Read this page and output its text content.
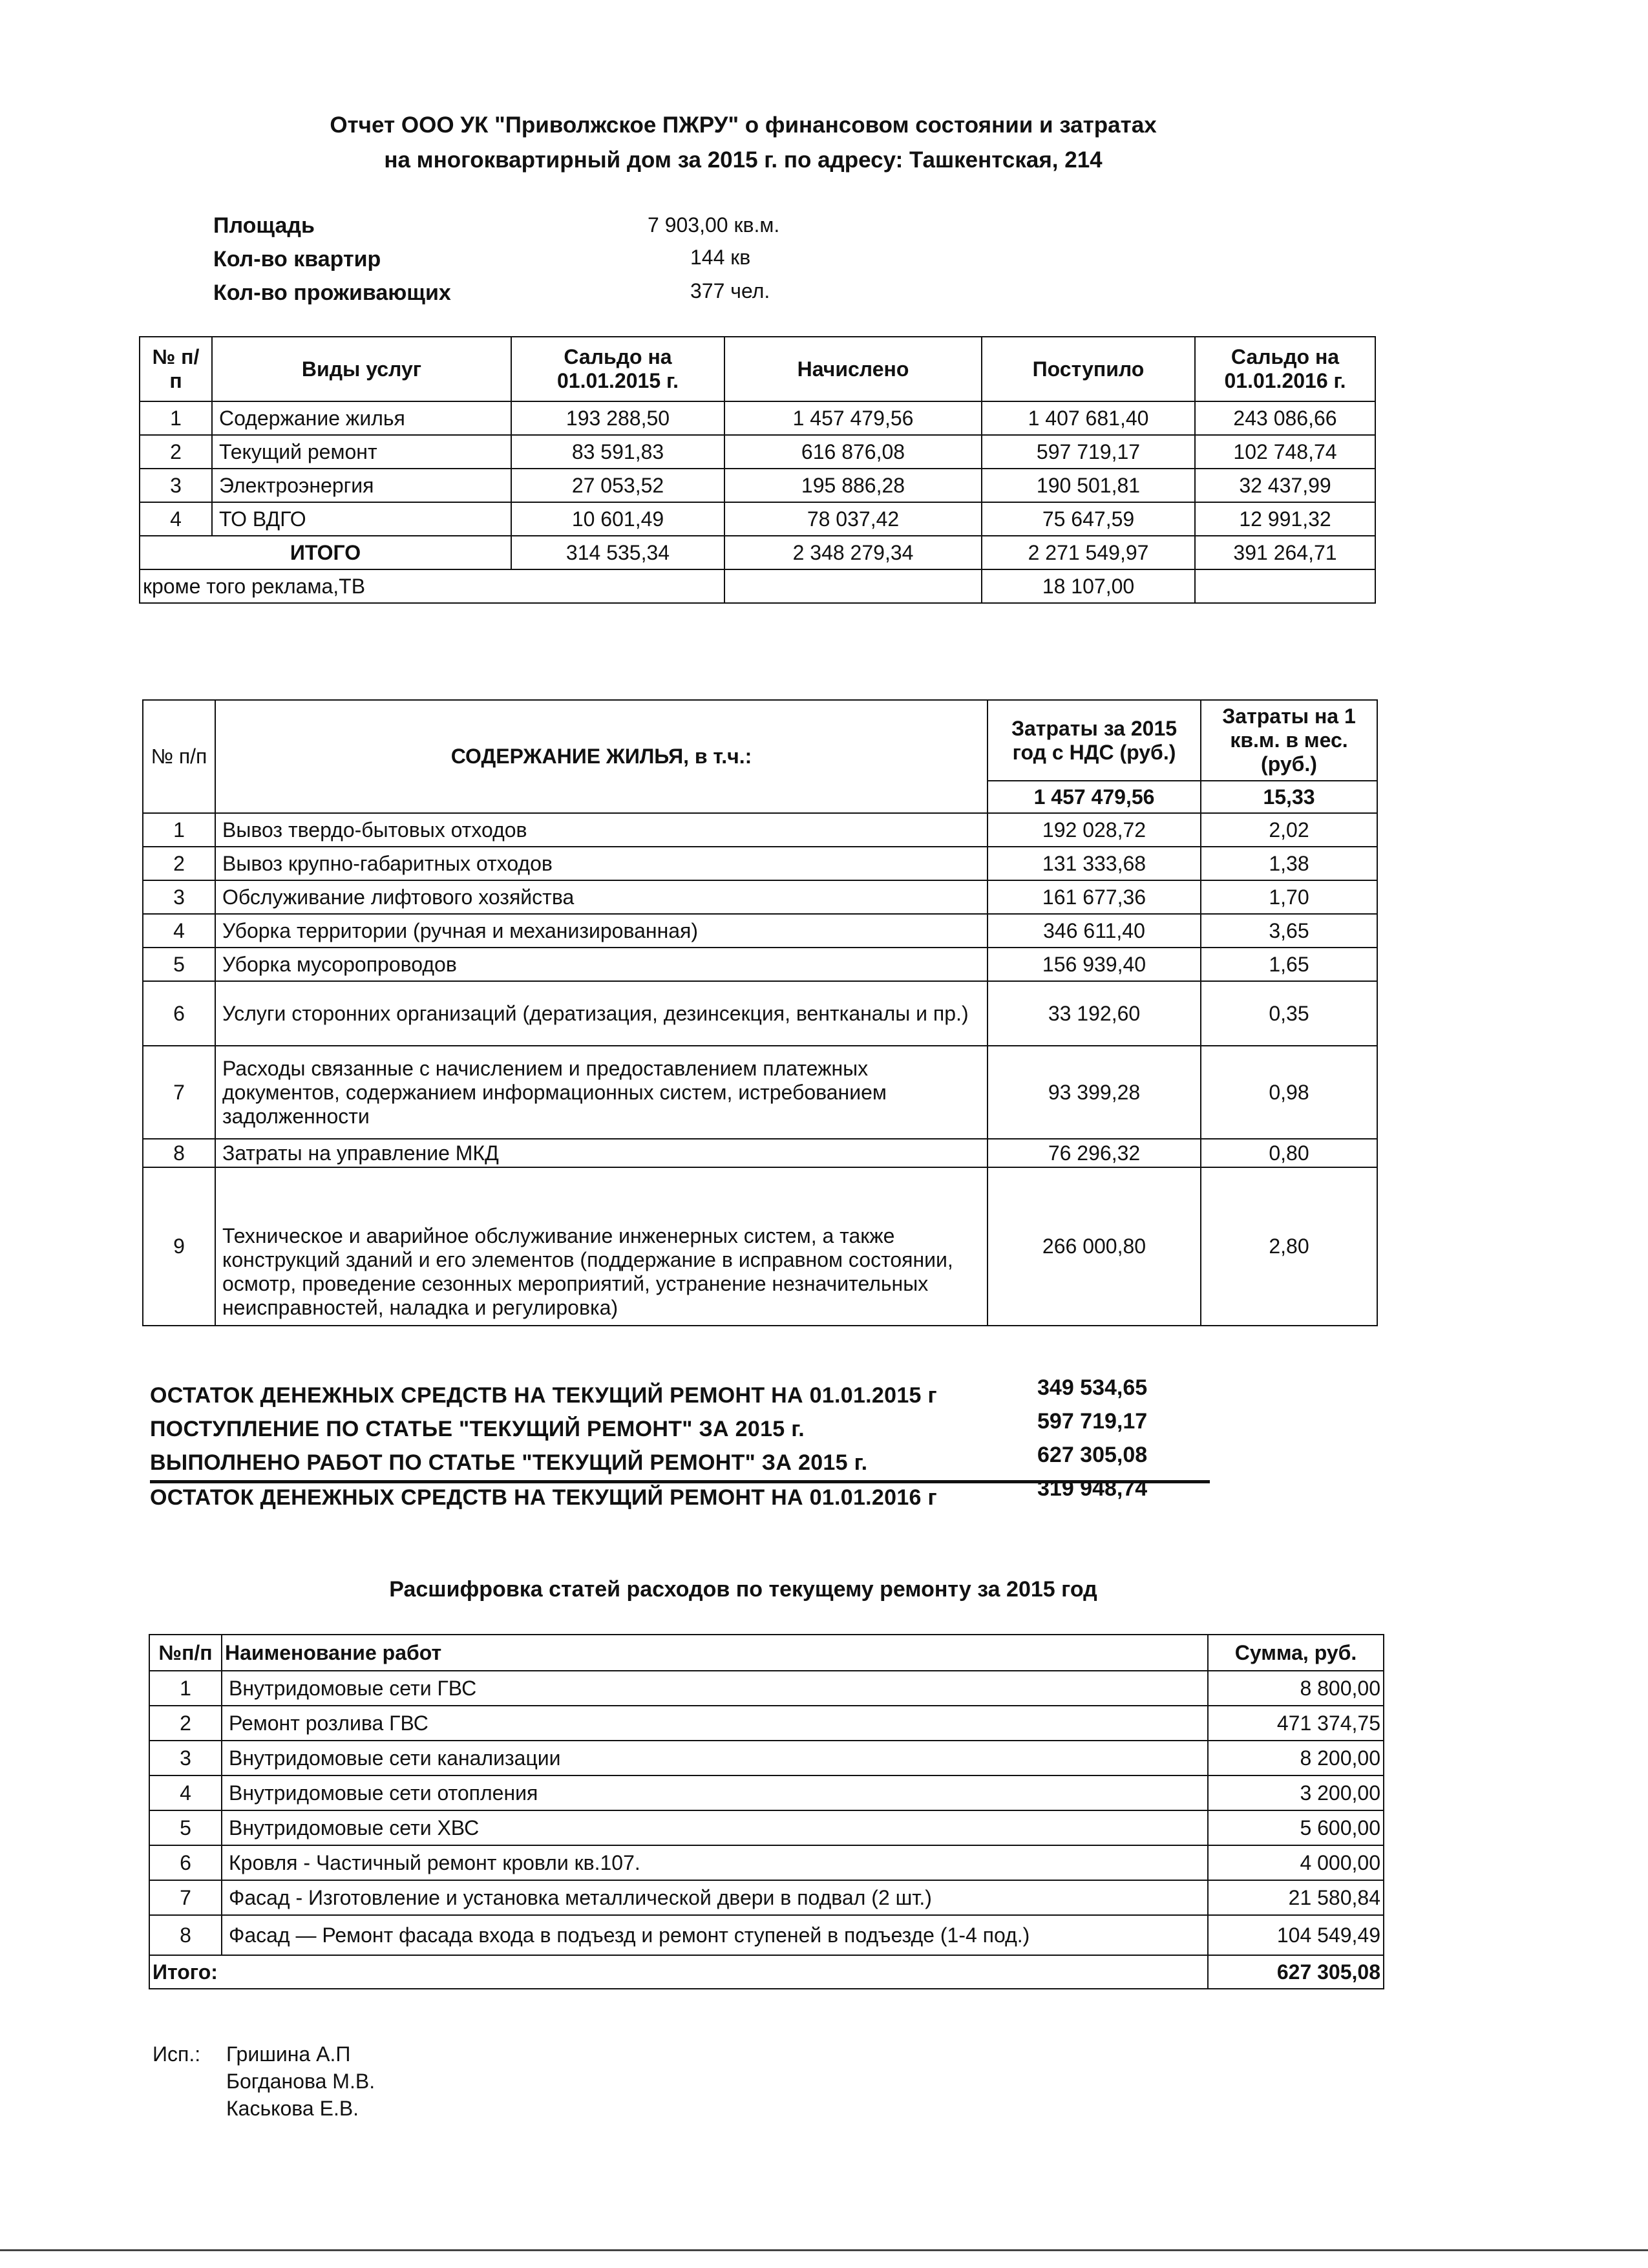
Отчет ООО УК "Приволжское ПЖРУ" о финансовом состоянии и затратах
на многоквартирный дом за 2015 г. по адресу: Ташкентская, 214
Площадь	7 903,00 кв.м.
Кол-во квартир	144 кв
Кол-во проживающих	377 чел.
№ п/п	Виды услуг	Сальдо на 01.01.2015 г.	Начислено	Поступило	Сальдо на 01.01.2016 г.
1	Содержание жилья	193 288,50	1 457 479,56	1 407 681,40	243 086,66
2	Текущий ремонт	83 591,83	616 876,08	597 719,17	102 748,74
3	Электроэнергия	27 053,52	195 886,28	190 501,81	32 437,99
4	ТО ВДГО	10 601,49	78 037,42	75 647,59	12 991,32
ИТОГО		314 535,34	2 348 279,34	2 271 549,97	391 264,71
кроме того реклама,ТВ				18 107,00	
№ п/п	СОДЕРЖАНИЕ ЖИЛЬЯ, в т.ч.:	Затраты за 2015 год с НДС (руб.)	Затраты на 1 кв.м. в мес. (руб.)
		1 457 479,56	15,33
1	Вывоз твердо-бытовых отходов	192 028,72	2,02
2	Вывоз крупно-габаритных отходов	131 333,68	1,38
3	Обслуживание лифтового хозяйства	161 677,36	1,70
4	Уборка территории (ручная и механизированная)	346 611,40	3,65
5	Уборка мусоропроводов	156 939,40	1,65
6	Услуги сторонних организаций (дератизация, дезинсекция, вентканалы и пр.)	33 192,60	0,35
7	Расходы связанные с начислением и предоставлением платежных документов, содержанием информационных систем, истребованием задолженности	93 399,28	0,98
8	Затраты на управление МКД	76 296,32	0,80
9	Техническое и аварийное обслуживание инженерных систем, а также конструкций зданий и его элементов (поддержание в исправном состоянии, осмотр, проведение сезонных мероприятий, устранение незначительных неисправностей, наладка и регулировка)	266 000,80	2,80
ОСТАТОК ДЕНЕЖНЫХ СРЕДСТВ НА ТЕКУЩИЙ РЕМОНТ НА 01.01.2015 г	349 534,65
ПОСТУПЛЕНИЕ ПО СТАТЬЕ "ТЕКУЩИЙ РЕМОНТ" ЗА 2015 г.	597 719,17
ВЫПОЛНЕНО РАБОТ ПО СТАТЬЕ "ТЕКУЩИЙ РЕМОНТ" ЗА 2015 г.	627 305,08
ОСТАТОК ДЕНЕЖНЫХ СРЕДСТВ НА ТЕКУЩИЙ РЕМОНТ НА 01.01.2016 г	319 948,74
Расшифровка статей расходов по текущему ремонту за 2015 год
№п/п	Наименование работ	Сумма, руб.
1	Внутридомовые сети ГВС	8 800,00
2	Ремонт розлива ГВС	471 374,75
3	Внутридомовые сети канализации	8 200,00
4	Внутридомовые сети отопления	3 200,00
5	Внутридомовые сети ХВС	5 600,00
6	Кровля - Частичный ремонт кровли кв.107.	4 000,00
7	Фасад - Изготовление и установка металлической двери в подвал (2 шт.)	21 580,84
8	Фасад — Ремонт фасада входа в подъезд и ремонт ступеней в подъезде (1-4 под.)	104 549,49
Итого:		627 305,08
Исп.: Гришина А.П
Богданова М.В.
Каськова Е.В.
